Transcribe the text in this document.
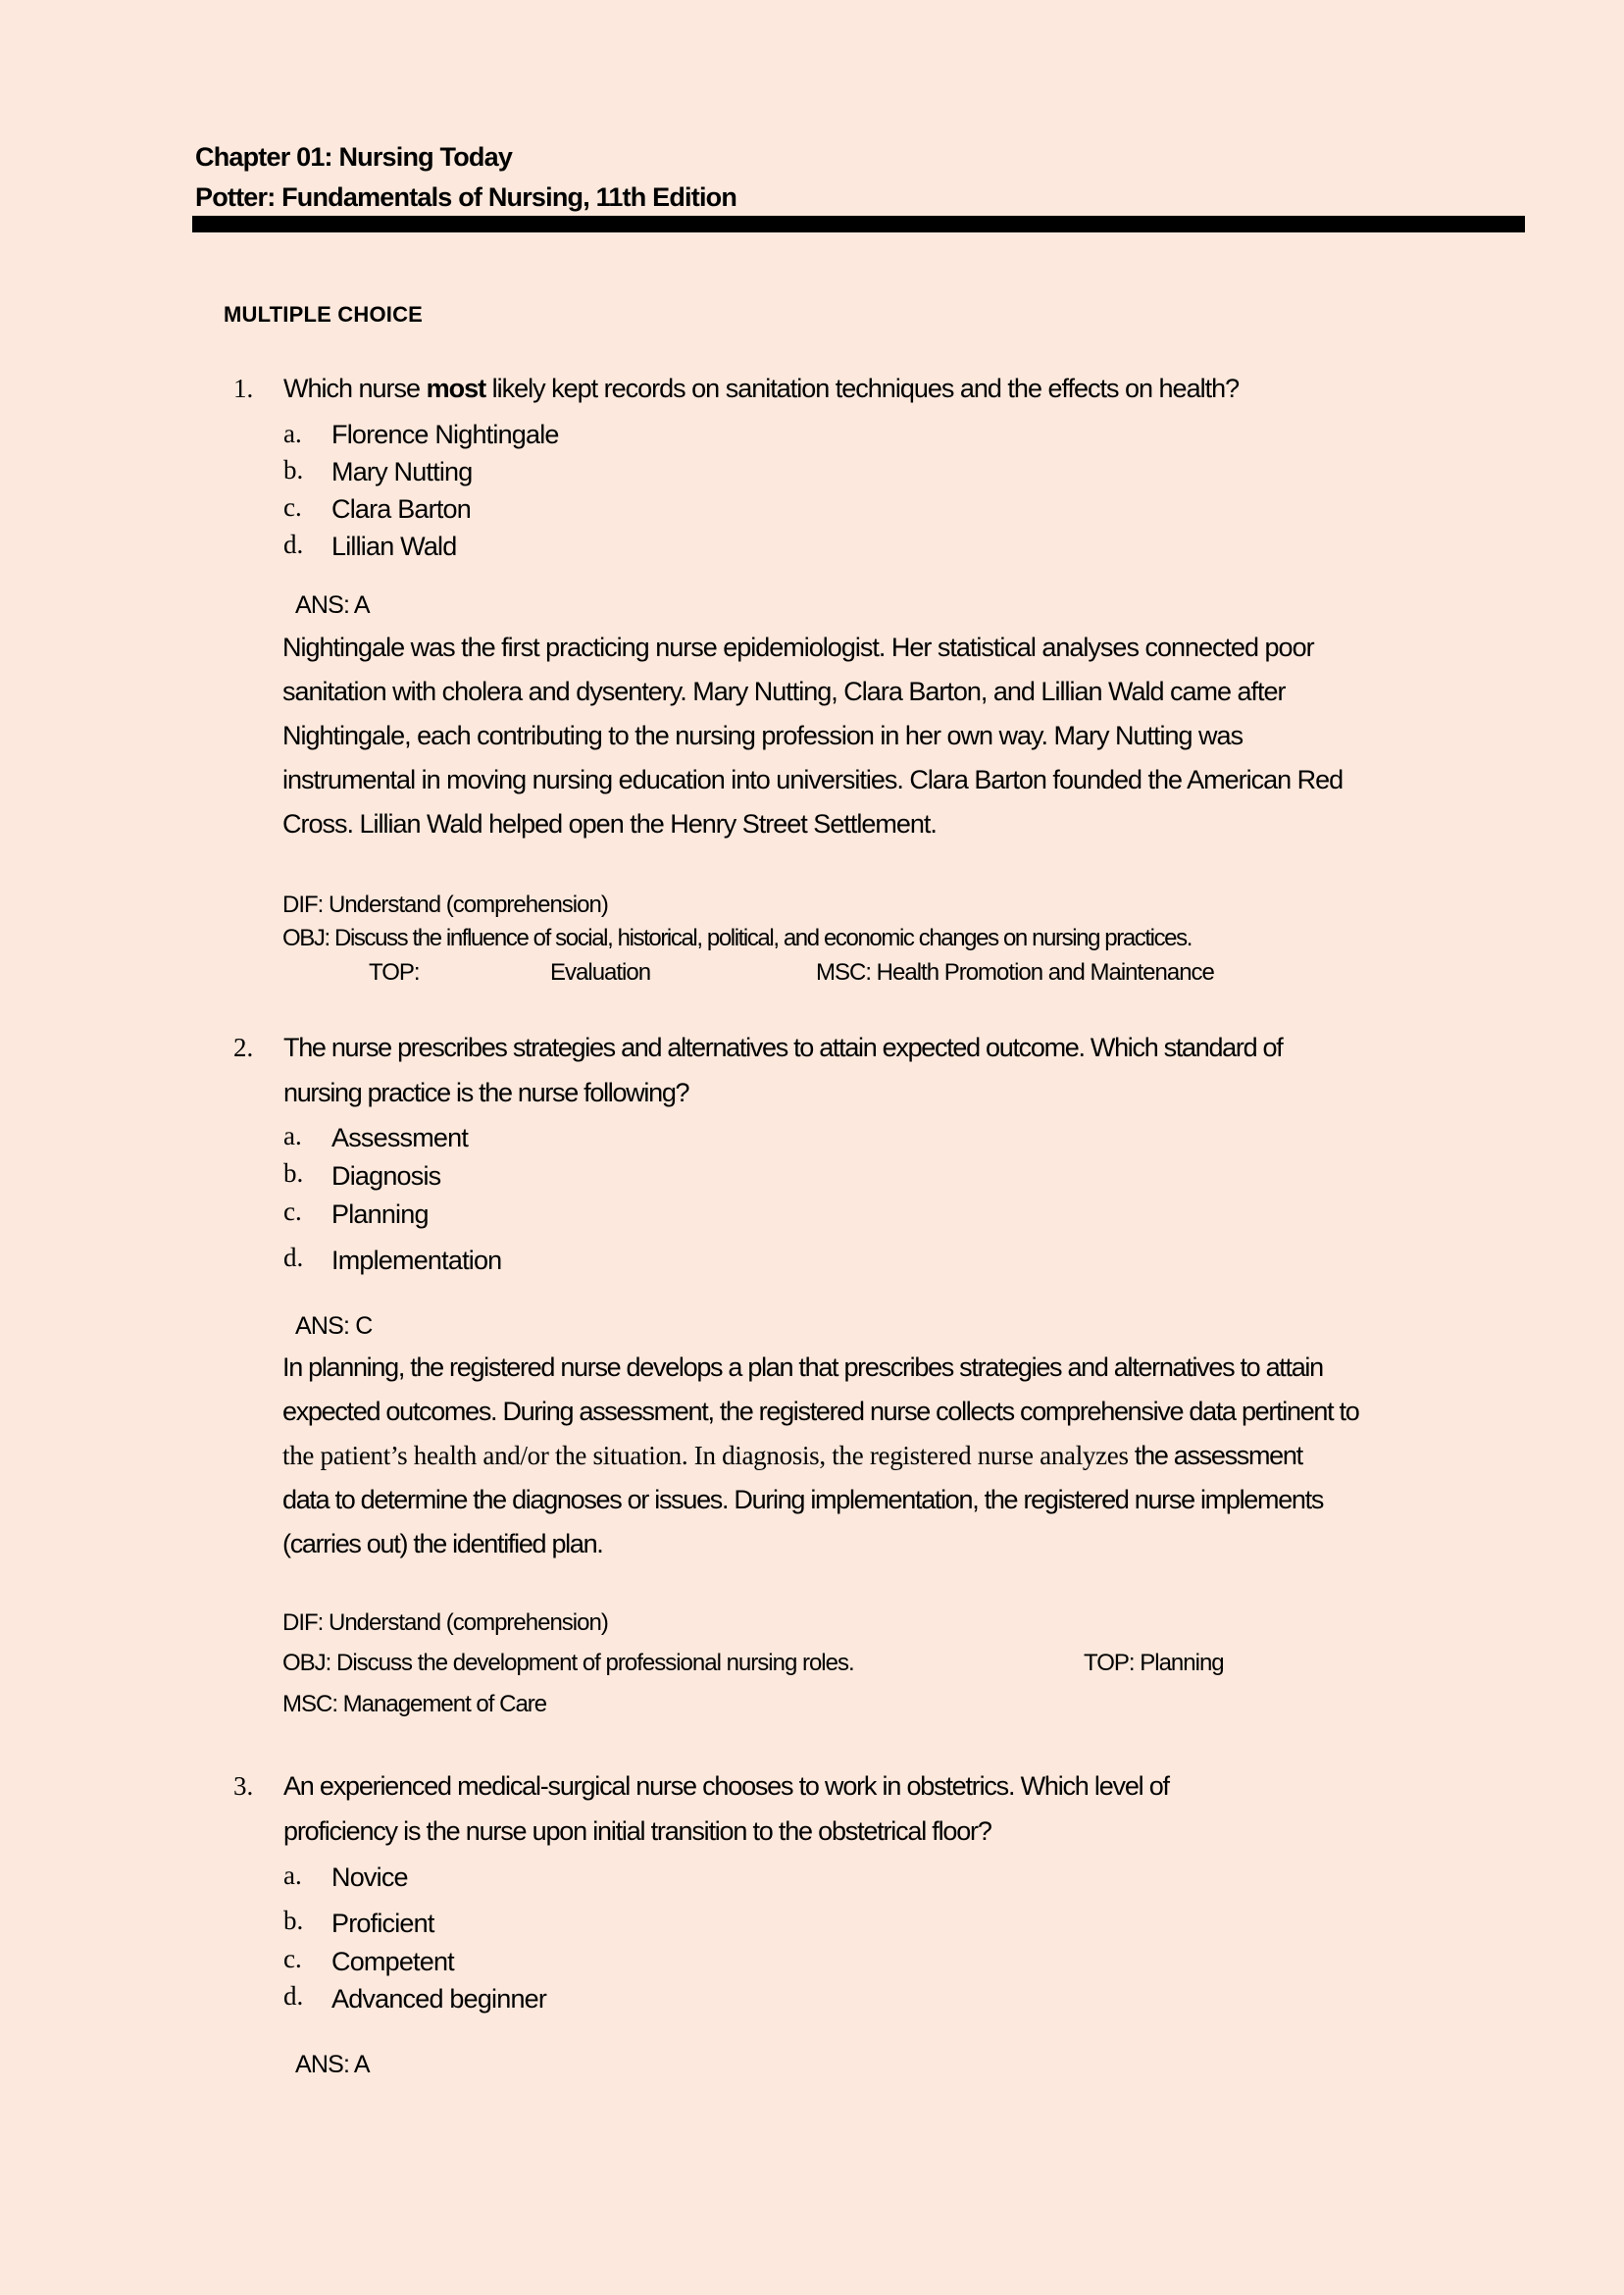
Chapter 01: Nursing Today
Potter: Fundamentals of Nursing, 11th Edition
MULTIPLE CHOICE
1. Which nurse most likely kept records on sanitation techniques and the effects on health?
a. Florence Nightingale
b. Mary Nutting
c. Clara Barton
d. Lillian Wald
ANS: A
Nightingale was the first practicing nurse epidemiologist. Her statistical analyses connected poor
sanitation with cholera and dysentery. Mary Nutting, Clara Barton, and Lillian Wald came after
Nightingale, each contributing to the nursing profession in her own way. Mary Nutting was
instrumental in moving nursing education into universities. Clara Barton founded the American Red
Cross. Lillian Wald helped open the Henry Street Settlement.
DIF: Understand (comprehension)
OBJ: Discuss the influence of social, historical, political, and economic changes on nursing practices.
TOP:	Evaluation	MSC: Health Promotion and Maintenance
2. The nurse prescribes strategies and alternatives to attain expected outcome. Which standard of
nursing practice is the nurse following?
a. Assessment
b. Diagnosis
c. Planning
d. Implementation
ANS: C
In planning, the registered nurse develops a plan that prescribes strategies and alternatives to attain
expected outcomes. During assessment, the registered nurse collects comprehensive data pertinent to
the patient’s health and/or the situation. In diagnosis, the registered nurse analyzes the assessment
data to determine the diagnoses or issues. During implementation, the registered nurse implements
(carries out) the identified plan.
DIF: Understand (comprehension)
OBJ: Discuss the development of professional nursing roles.	TOP: Planning
MSC: Management of Care
3. An experienced medical-surgical nurse chooses to work in obstetrics. Which level of
proficiency is the nurse upon initial transition to the obstetrical floor?
a. Novice
b. Proficient
c. Competent
d. Advanced beginner
ANS: A
